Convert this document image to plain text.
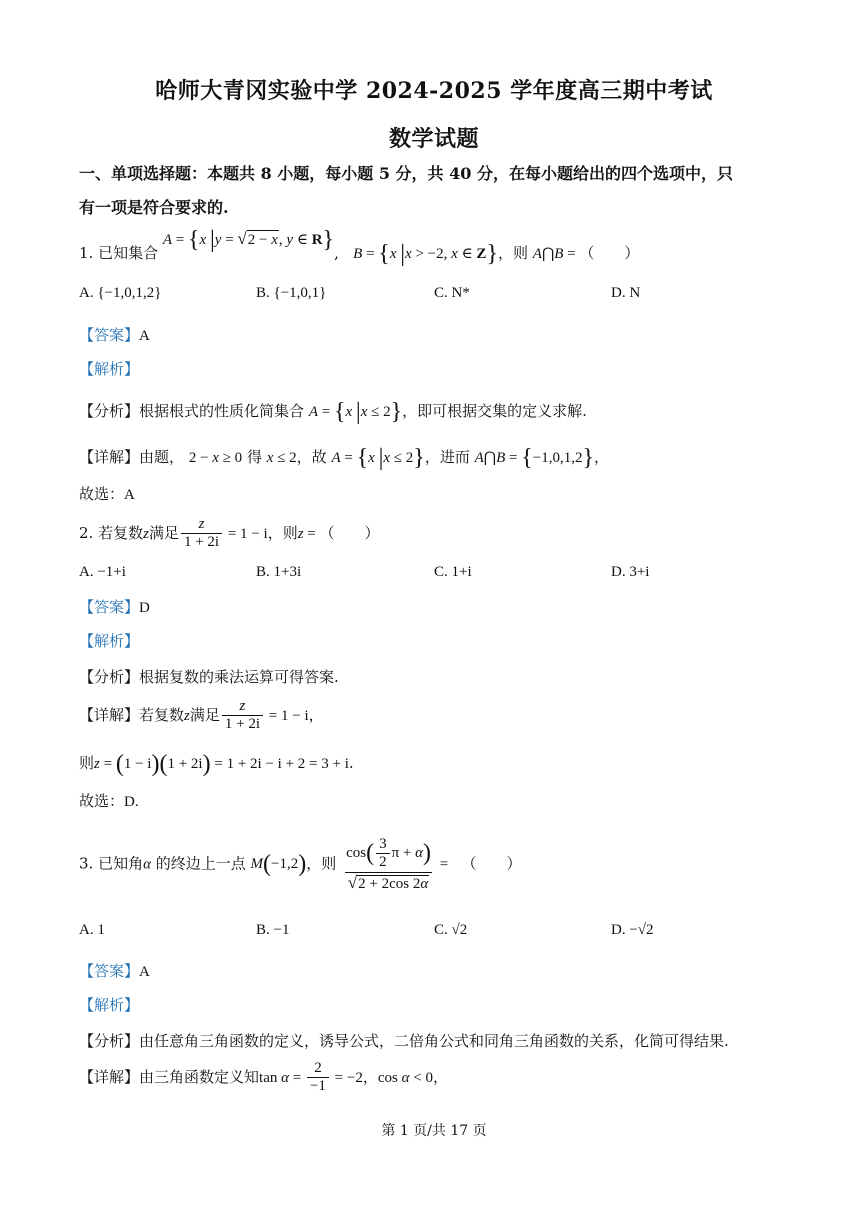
哈师大青冈实验中学 2024-2025 学年度高三期中考试
数学试题
一、单项选择题：本题共 8 小题，每小题 5 分，共 40 分，在每小题给出的四个选项中，只
有一项是符合要求的.
1. 已知集合 A = {x |y = √2 − x, y ∈ R},   B = {x |x > −2, x ∈ Z}，则 A⋂B = （　　）
A. {−1,0,1,2}	B. {−1,0,1}	C. N*	D. N
【答案】A
【解析】
【分析】根据根式的性质化简集合 A = {x |x ≤ 2}，即可根据交集的定义求解.
【详解】由题， 2 − x ≥ 0 得 x ≤ 2，故 A = {x |x ≤ 2}，进而 A⋂B = {−1,0,1,2}，
故选：A
2. 若复数z满足 $\frac{z}{1 + 2i} = 1 - i$，则z = （　　）
A. −1+i	B. 1+3i	C. 1+i	D. 3+i
【答案】D
【解析】
【分析】根据复数的乘法运算可得答案.
【详解】若复数z满足 $\frac{z}{1 + 2i} = 1 - i$，
则z = (1 − i)(1 + 2i) = 1 + 2i − i + 2 = 3 + i.
故选：D.
3. 已知角α 的终边上一点 M(−1,2)，则 $\frac{\cos( \frac{3}{2} \pi + \alpha)}{√2 + 2\cos 2\alpha}$ =   （　　）
A. 1	B. −1	C. √2	D. −√2
【答案】A
【解析】
【分析】由任意角三角函数的定义，诱导公式，二倍角公式和同角三角函数的关系，化简可得结果.
【详解】由三角函数定义知$\tan \alpha = \frac{2}{-1} = -2$，cos α < 0，
第 1 页/共 17 页
